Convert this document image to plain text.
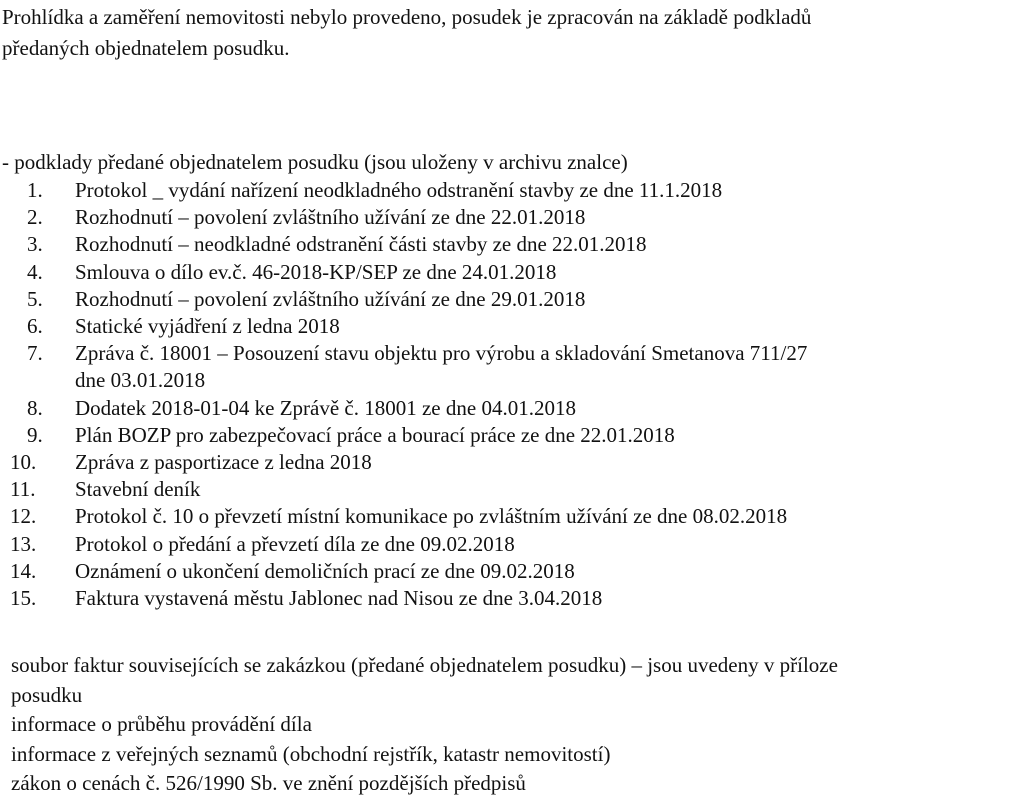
Prohlídka a zaměření nemovitosti nebylo provedeno, posudek je zpracován na základě podkladů
předaných objednatelem posudku.

- podklady předané objednatelem posudku (jsou uloženy v archivu znalce)

1.	Protokol _ vydání nařízení neodkladného odstranění stavby ze dne 11.1.2018
2.	Rozhodnutí – povolení zvláštního užívání ze dne 22.01.2018
3.	Rozhodnutí – neodkladné odstranění části stavby ze dne 22.01.2018
4.	Smlouva o dílo ev.č. 46-2018-KP/SEP ze dne 24.01.2018
5.	Rozhodnutí – povolení zvláštního užívání ze dne 29.01.2018
6.	Statické vyjádření z ledna 2018
7.	Zpráva č. 18001 – Posouzení stavu objektu pro výrobu a skladování Smetanova 711/27
dne 03.01.2018
8.	Dodatek 2018-01-04 ke Zprávě č. 18001 ze dne 04.01.2018
9.	Plán BOZP pro zabezpečovací práce a bourací práce ze dne 22.01.2018
10.	Zpráva z pasportizace z ledna 2018
11.	Stavební deník
12.	Protokol č. 10 o převzetí místní komunikace po zvláštním užívání ze dne 08.02.2018
13.	Protokol o předání a převzetí díla ze dne 09.02.2018
14.	Oznámení o ukončení demoličních prací ze dne 09.02.2018
15.	Faktura vystavená městu Jablonec nad Nisou ze dne 3.04.2018
soubor faktur souvisejících se zakázkou (předané objednatelem posudku) – jsou uvedeny v příloze
posudku
informace o průběhu provádění díla
informace z veřejných seznamů (obchodní rejstřík, katastr nemovitostí)
zákon o cenách č. 526/1990 Sb. ve znění pozdějších předpisů
